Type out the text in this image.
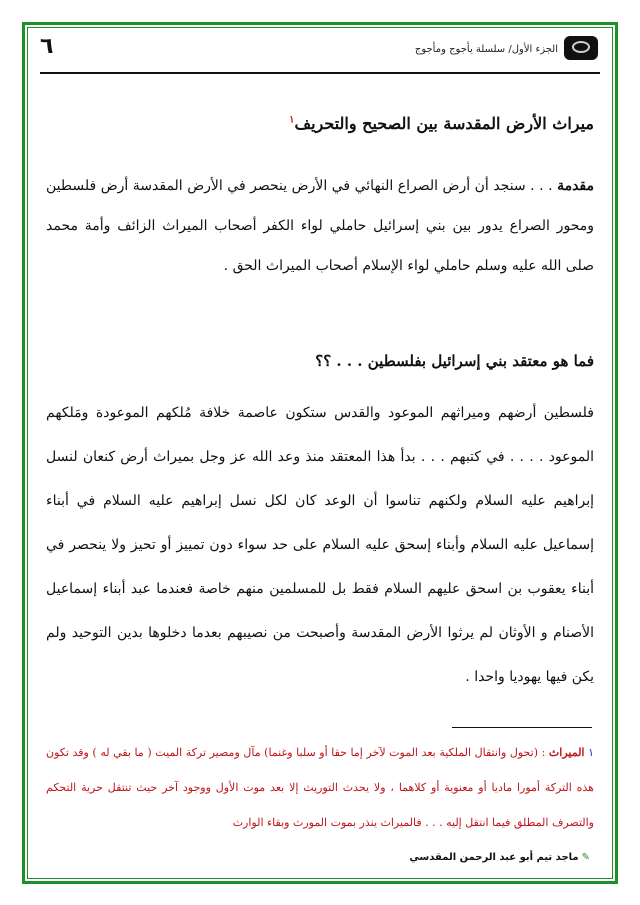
٦	الجزء الأول/ سلسلة يأجوج ومأجوج
ميراث الأرض المقدسة بين الصحيح والتحريف$^١$
مقدمة . . . سنجد أن أرض الصراع النهائي في الأرض ينحصر في الأرض المقدسة أرض فلسطين ومحور الصراع يدور بين بني إسرائيل حاملي لواء الكفر أصحاب الميراث الزائف وأمة محمد صلى الله عليه وسلم حاملي لواء الإسلام أصحاب الميراث الحق .
فما هو معتقد بني إسرائيل بفلسطين . . . ؟؟
فلسطين أرضهم وميراثهم الموعود والقدس ستكون عاصمة خلافة مُلكهم الموعودة ومَلكهم الموعود . . . . في كتبهم . . . بدأ هذا المعتقد منذ وعد الله عز وجل بميراث أرض كنعان لنسل إبراهيم عليه السلام ولكنهم تناسوا أن الوعد كان لكل نسل إبراهيم عليه السلام في أبناء إسماعيل عليه السلام وأبناء إسحق عليه السلام على حد سواء دون تمييز أو تحيز ولا ينحصر في أبناء يعقوب بن اسحق عليهم السلام فقط بل للمسلمين منهم خاصة فعندما عبد أبناء إسماعيل الأصنام و الأوثان لم يرثوا الأرض المقدسة وأصبحت من نصيبهم بعدما دخلوها بدين التوحيد ولم يكن فيها يهوديا واحدا .
١ الميراث : (تحول وانتقال الملكية بعد الموت لآخر إما حقا أو سلبا وغنما) مآل ومصير تركة الميت ( ما بقي له ) وقد تكون هذه التركة أمورا ماديا أو معنوية أو كلاهما ، ولا يحدث التوريث إلا بعد موت الأول ووجود آخر حيث تنتقل حرية التحكم والتصرف المطلق فيما انتقل إليه . . . فالميراث ينذر بموت المورث وبقاء الوارث
✎ماجد تيم أبو عبد الرحمن المقدسي
